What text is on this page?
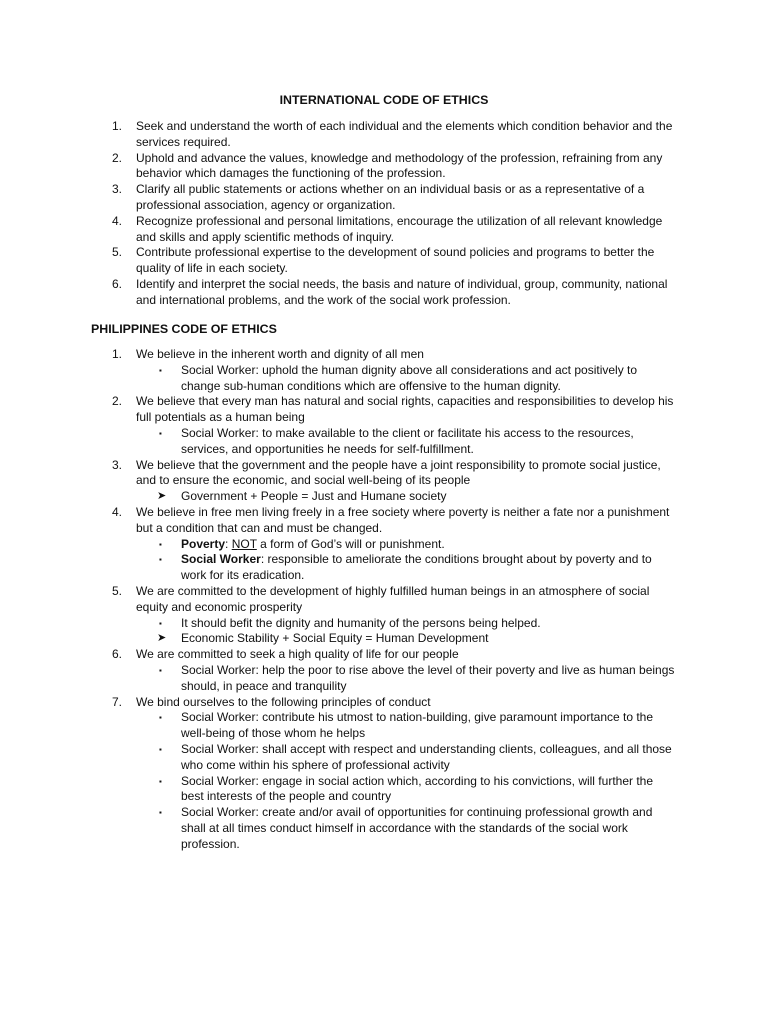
INTERNATIONAL CODE OF ETHICS
1. Seek and understand the worth of each individual and the elements which condition behavior and the services required.
2. Uphold and advance the values, knowledge and methodology of the profession, refraining from any behavior which damages the functioning of the profession.
3. Clarify all public statements or actions whether on an individual basis or as a representative of a professional association, agency or organization.
4. Recognize professional and personal limitations, encourage the utilization of all relevant knowledge and skills and apply scientific methods of inquiry.
5. Contribute professional expertise to the development of sound policies and programs to better the quality of life in each society.
6. Identify and interpret the social needs, the basis and nature of individual, group, community, national and international problems, and the work of the social work profession.
PHILIPPINES CODE OF ETHICS
1. We believe in the inherent worth and dignity of all men
▪ Social Worker: uphold the human dignity above all considerations and act positively to change sub-human conditions which are offensive to the human dignity.
2. We believe that every man has natural and social rights, capacities and responsibilities to develop his full potentials as a human being
▪ Social Worker: to make available to the client or facilitate his access to the resources, services, and opportunities he needs for self-fulfillment.
3. We believe that the government and the people have a joint responsibility to promote social justice, and to ensure the economic, and social well-being of its people
➤ Government + People = Just and Humane society
4. We believe in free men living freely in a free society where poverty is neither a fate nor a punishment but a condition that can and must be changed.
▪ Poverty: NOT a form of God’s will or punishment.
▪ Social Worker: responsible to ameliorate the conditions brought about by poverty and to work for its eradication.
5. We are committed to the development of highly fulfilled human beings in an atmosphere of social equity and economic prosperity
▪ It should befit the dignity and humanity of the persons being helped.
➤ Economic Stability + Social Equity = Human Development
6. We are committed to seek a high quality of life for our people
▪ Social Worker: help the poor to rise above the level of their poverty and live as human beings should, in peace and tranquility
7. We bind ourselves to the following principles of conduct
▪ Social Worker: contribute his utmost to nation-building, give paramount importance to the well-being of those whom he helps
▪ Social Worker: shall accept with respect and understanding clients, colleagues, and all those who come within his sphere of professional activity
▪ Social Worker: engage in social action which, according to his convictions, will further the best interests of the people and country
▪ Social Worker: create and/or avail of opportunities for continuing professional growth and shall at all times conduct himself in accordance with the standards of the social work profession.
